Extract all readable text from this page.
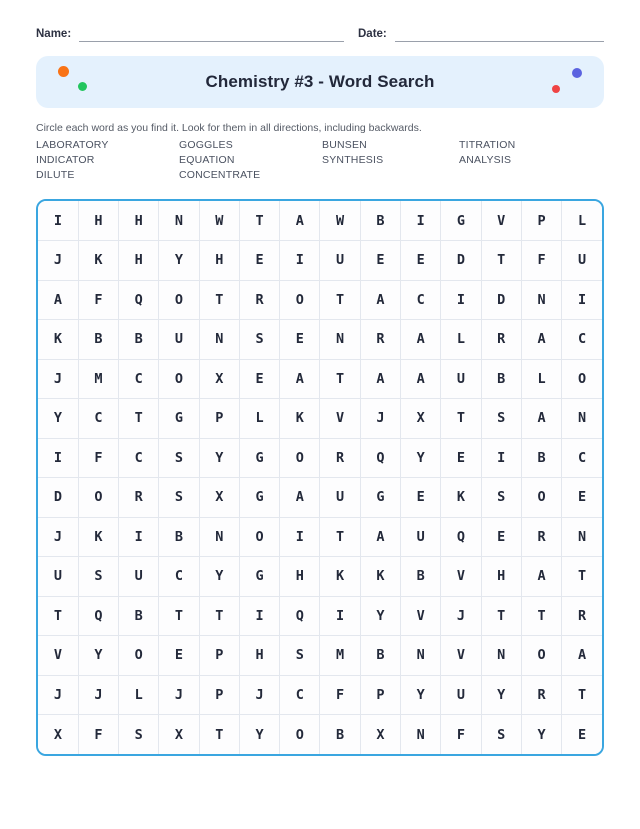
Name:	Date:
Chemistry #3 - Word Search
Circle each word as you find it. Look for them in all directions, including backwards.
LABORATORY	GOGGLES	BUNSEN	TITRATION
INDICATOR	EQUATION	SYNTHESIS	ANALYSIS
DILUTE	CONCENTRATE
I	H	H	N	W	T	A	W	B	I	G	V	P	L
J	K	H	Y	H	E	I	U	E	E	D	T	F	U
A	F	Q	O	T	R	O	T	A	C	I	D	N	I
K	B	B	U	N	S	E	N	R	A	L	R	A	C
J	M	C	O	X	E	A	T	A	A	U	B	L	O
Y	C	T	G	P	L	K	V	J	X	T	S	A	N
I	F	C	S	Y	G	O	R	Q	Y	E	I	B	C
D	O	R	S	X	G	A	U	G	E	K	S	O	E
J	K	I	B	N	O	I	T	A	U	Q	E	R	N
U	S	U	C	Y	G	H	K	K	B	V	H	A	T
T	Q	B	T	T	I	Q	I	Y	V	J	T	T	R
V	Y	O	E	P	H	S	M	B	N	V	N	O	A
J	J	L	J	P	J	C	F	P	Y	U	Y	R	T
X	F	S	X	T	Y	O	B	X	N	F	S	Y	E
